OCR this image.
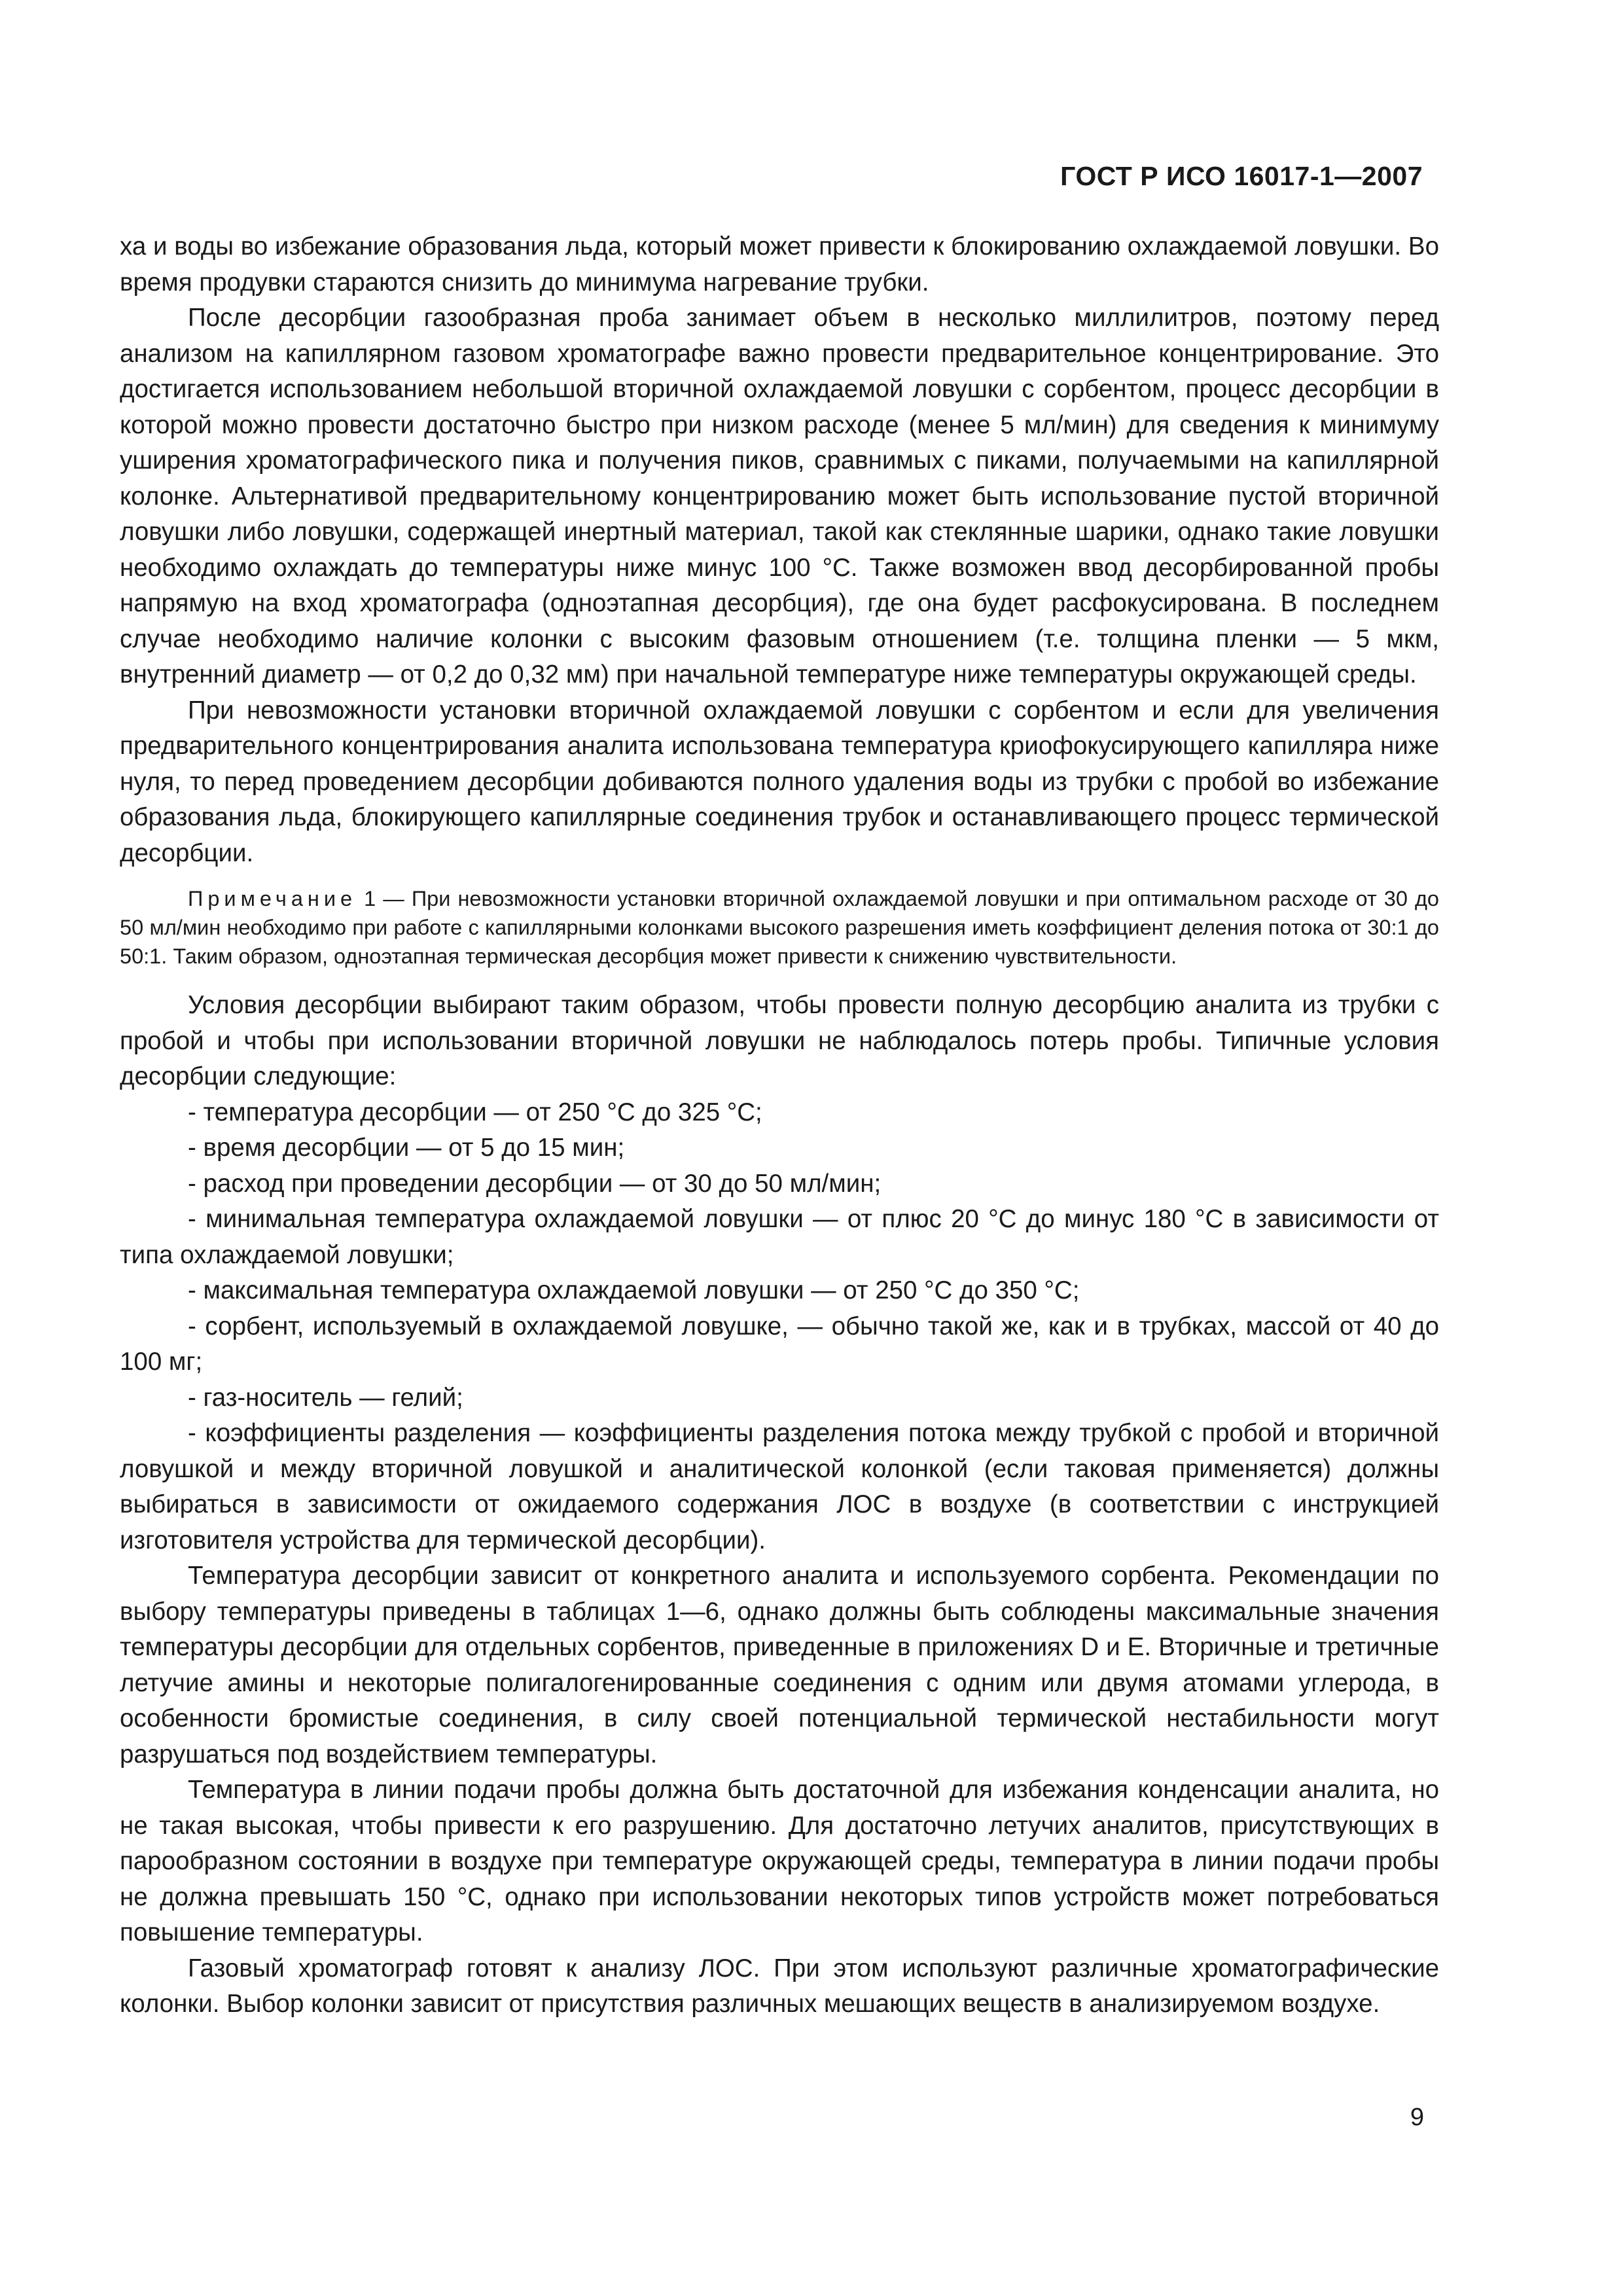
ГОСТ Р ИСО 16017-1—2007

ха и воды во избежание образования льда, который может привести к блокированию охлаждаемой ловушки. Во время продувки стараются снизить до минимума нагревание трубки.

После десорбции газообразная проба занимает объем в несколько миллилитров, поэтому перед анализом на капиллярном газовом хроматографе важно провести предварительное концентрирование. Это достигается использованием небольшой вторичной охлаждаемой ловушки с сорбентом, процесс десорбции в которой можно провести достаточно быстро при низком расходе (менее 5 мл/мин) для сведения к минимуму уширения хроматографического пика и получения пиков, сравнимых с пиками, получаемыми на капиллярной колонке. Альтернативой предварительному концентрированию может быть использование пустой вторичной ловушки либо ловушки, содержащей инертный материал, такой как стеклянные шарики, однако такие ловушки необходимо охлаждать до температуры ниже минус 100 °С. Также возможен ввод десорбированной пробы напрямую на вход хроматографа (одноэтапная десорбция), где она будет расфокусирована. В последнем случае необходимо наличие колонки с высоким фазовым отношением (т.е. толщина пленки — 5 мкм, внутренний диаметр — от 0,2 до 0,32 мм) при начальной температуре ниже температуры окружающей среды.

При невозможности установки вторичной охлаждаемой ловушки с сорбентом и если для увеличения предварительного концентрирования аналита использована температура криофокусирующего капилляра ниже нуля, то перед проведением десорбции добиваются полного удаления воды из трубки с пробой во избежание образования льда, блокирующего капиллярные соединения трубок и останавливающего процесс термической десорбции.

Примечание 1 — При невозможности установки вторичной охлаждаемой ловушки и при оптимальном расходе от 30 до 50 мл/мин необходимо при работе с капиллярными колонками высокого разрешения иметь коэффициент деления потока от 30:1 до 50:1. Таким образом, одноэтапная термическая десорбция может привести к снижению чувствительности.

Условия десорбции выбирают таким образом, чтобы провести полную десорбцию аналита из трубки с пробой и чтобы при использовании вторичной ловушки не наблюдалось потерь пробы. Типичные условия десорбции следующие:

- температура десорбции — от 250 °С до 325 °С;

- время десорбции — от 5 до 15 мин;

- расход при проведении десорбции — от 30 до 50 мл/мин;

- минимальная температура охлаждаемой ловушки — от плюс 20 °С до минус 180 °С в зависимости от типа охлаждаемой ловушки;

- максимальная температура охлаждаемой ловушки — от 250 °С до 350 °С;

- сорбент, используемый в охлаждаемой ловушке, — обычно такой же, как и в трубках, массой от 40 до 100 мг;

- газ-носитель — гелий;

- коэффициенты разделения — коэффициенты разделения потока между трубкой с пробой и вторичной ловушкой и между вторичной ловушкой и аналитической колонкой (если таковая применяется) должны выбираться в зависимости от ожидаемого содержания ЛОС в воздухе (в соответствии с инструкцией изготовителя устройства для термической десорбции).

Температура десорбции зависит от конкретного аналита и используемого сорбента. Рекомендации по выбору температуры приведены в таблицах 1—6, однако должны быть соблюдены максимальные значения температуры десорбции для отдельных сорбентов, приведенные в приложениях D и Е. Вторичные и третичные летучие амины и некоторые полигалогенированные соединения с одним или двумя атомами углерода, в особенности бромистые соединения, в силу своей потенциальной термической нестабильности могут разрушаться под воздействием температуры.

Температура в линии подачи пробы должна быть достаточной для избежания конденсации аналита, но не такая высокая, чтобы привести к его разрушению. Для достаточно летучих аналитов, присутствующих в парообразном состоянии в воздухе при температуре окружающей среды, температура в линии подачи пробы не должна превышать 150 °С, однако при использовании некоторых типов устройств может потребоваться повышение температуры.

Газовый хроматограф готовят к анализу ЛОС. При этом используют различные хроматографические колонки. Выбор колонки зависит от присутствия различных мешающих веществ в анализируемом воздухе.

9
